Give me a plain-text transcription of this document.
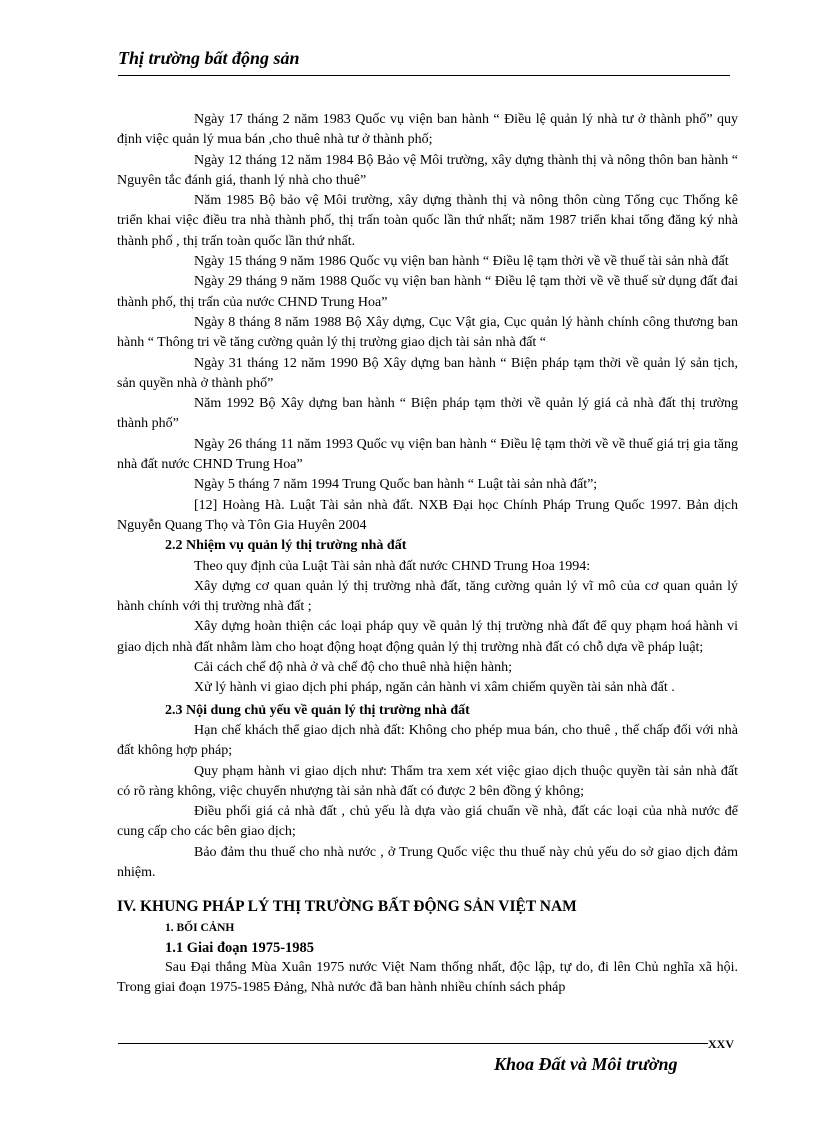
Thị trường bất động sản

Ngày 17 tháng 2 năm 1983 Quốc vụ viện ban hành “ Điều lệ quản lý nhà tư ở thành phố” quy định việc quản lý mua bán ,cho thuê nhà tư ở thành phố;

Ngày 12 tháng 12 năm 1984 Bộ Bảo vệ Môi trường, xây dựng thành thị và nông thôn ban hành “ Nguyên tắc đánh giá, thanh lý nhà cho thuê”

Năm 1985 Bộ bảo vệ Môi trường, xây dựng thành thị và nông thôn cùng Tổng cục Thống kê triển khai việc điều tra nhà thành phố, thị trấn toàn quốc lần thứ nhất; năm 1987 triển khai tổng đăng ký nhà thành phố , thị trấn toàn quốc lần thứ nhất.

Ngày 15 tháng 9 năm 1986 Quốc vụ viện ban hành “ Điều lệ tạm thời về về thuế tài sản nhà đất

Ngày 29 tháng 9 năm 1988 Quốc vụ viện ban hành “ Điều lệ tạm thời về về thuế sử dụng đất đai thành phố, thị trấn của nước CHND Trung Hoa”

Ngày 8 tháng 8 năm 1988 Bộ Xây dựng, Cục Vật gia, Cục quản lý hành chính công thương ban hành “ Thông tri về tăng cường quản lý thị trường giao dịch tài sản nhà đất “

Ngày 31 tháng 12 năm 1990 Bộ Xây dựng ban hành “ Biện pháp tạm thời về quản lý sản tịch, sản quyền nhà ở thành phố”

Năm 1992 Bộ Xây dựng ban hành “ Biện pháp tạm thời về quản lý giá cả nhà đất thị trường thành phố”

Ngày 26 tháng 11 năm 1993 Quốc vụ viện ban hành “ Điều lệ tạm thời về về thuế giá trị gia tăng nhà đất nước CHND Trung Hoa”

Ngày 5 tháng 7 năm 1994 Trung Quốc ban hành “ Luật tài sản nhà đất”;

[12] Hoàng Hà. Luật Tài sản nhà đất. NXB Đại học Chính Pháp Trung Quốc 1997. Bản dịch Nguyễn Quang Thọ và Tôn Gia Huyên 2004

2.2 Nhiệm vụ quản lý thị trường nhà đất

Theo quy định của Luật Tài sản nhà đất nước CHND Trung Hoa 1994:

Xây dựng cơ quan quản lý thị trường nhà đất, tăng cường quản lý vĩ mô của cơ quan quản lý hành chính với thị trường nhà đất ;

Xây dựng hoàn thiện các loại pháp quy về quản lý thị trường nhà đất để quy phạm hoá hành vi giao dịch nhà đất nhằm làm cho hoạt động hoạt động quản lý thị trường nhà đất có chỗ dựa về pháp luật;

Cải cách chế độ nhà ở và chế độ cho thuê nhà hiện hành;

Xử lý hành vi giao dịch phi pháp, ngăn cản hành vi xâm chiếm quyền tài sản nhà đất .

2.3 Nội dung chủ yếu về quản lý thị trường nhà đất

Hạn chế khách thể giao dịch nhà đất: Không cho phép mua bán, cho thuê , thế chấp đối với nhà đất không hợp pháp;

Quy phạm hành vi giao dịch như: Thẩm tra xem xét việc giao dịch thuộc quyền tài sản nhà đất có rõ ràng không, việc chuyển nhượng tài sản nhà đất có được 2 bên đồng ý không;

Điều phối giá cả nhà đất , chủ yếu là dựa vào giá chuẩn về nhà, đất các loại của nhà nước để cung cấp cho các bên giao dịch;

Bảo đảm thu thuế cho nhà nước , ở Trung Quốc việc thu thuế này chủ yếu do sở giao dịch đảm nhiệm.

IV. KHUNG PHÁP LÝ THỊ TRƯỜNG BẤT ĐỘNG SẢN VIỆT NAM

1. BỐI CẢNH

1.1 Giai đoạn 1975-1985

Sau Đại thắng Mùa Xuân 1975 nước Việt Nam thống nhất, độc lập, tự do, đi lên Chủ nghĩa xã hội. Trong giai đoạn 1975-1985 Đảng, Nhà nước đã ban hành nhiều chính sách pháp

XXV
Khoa Đất và Môi trường
